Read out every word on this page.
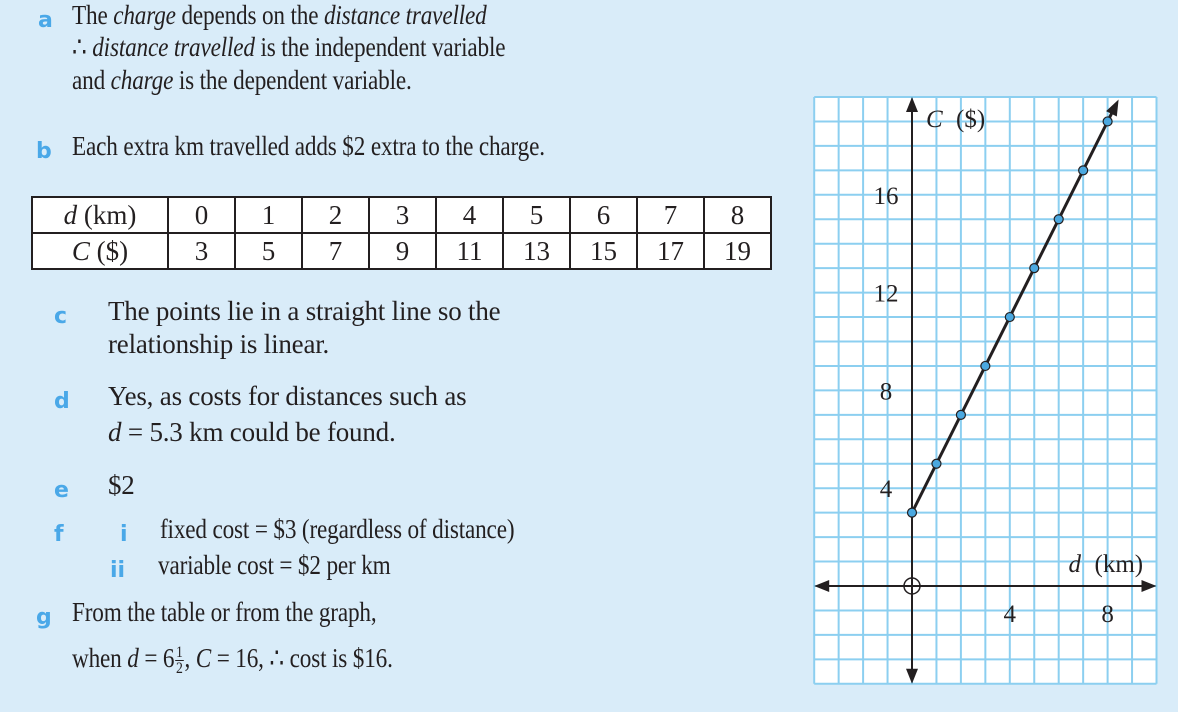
a The charge depends on the distance travelled
∴ distance travelled is the independent variable
and charge is the dependent variable.
b Each extra km travelled adds $2 extra to the charge.
d (km)	0	1	2	3	4	5	6	7	8
C ($)	3	5	7	9	11	13	15	17	19
c The points lie in a straight line so the
relationship is linear.
d Yes, as costs for distances such as
d = 5.3 km could be found.
e $2
f	i fixed cost = $3 (regardless of distance)
ii variable cost = $2 per km
g From the table or from the graph,
when $d = 6 \frac{1}{2}$ , C = 16, ∴ cost is $16.
4
8
12
16
4	8
C ($)
d (km)
